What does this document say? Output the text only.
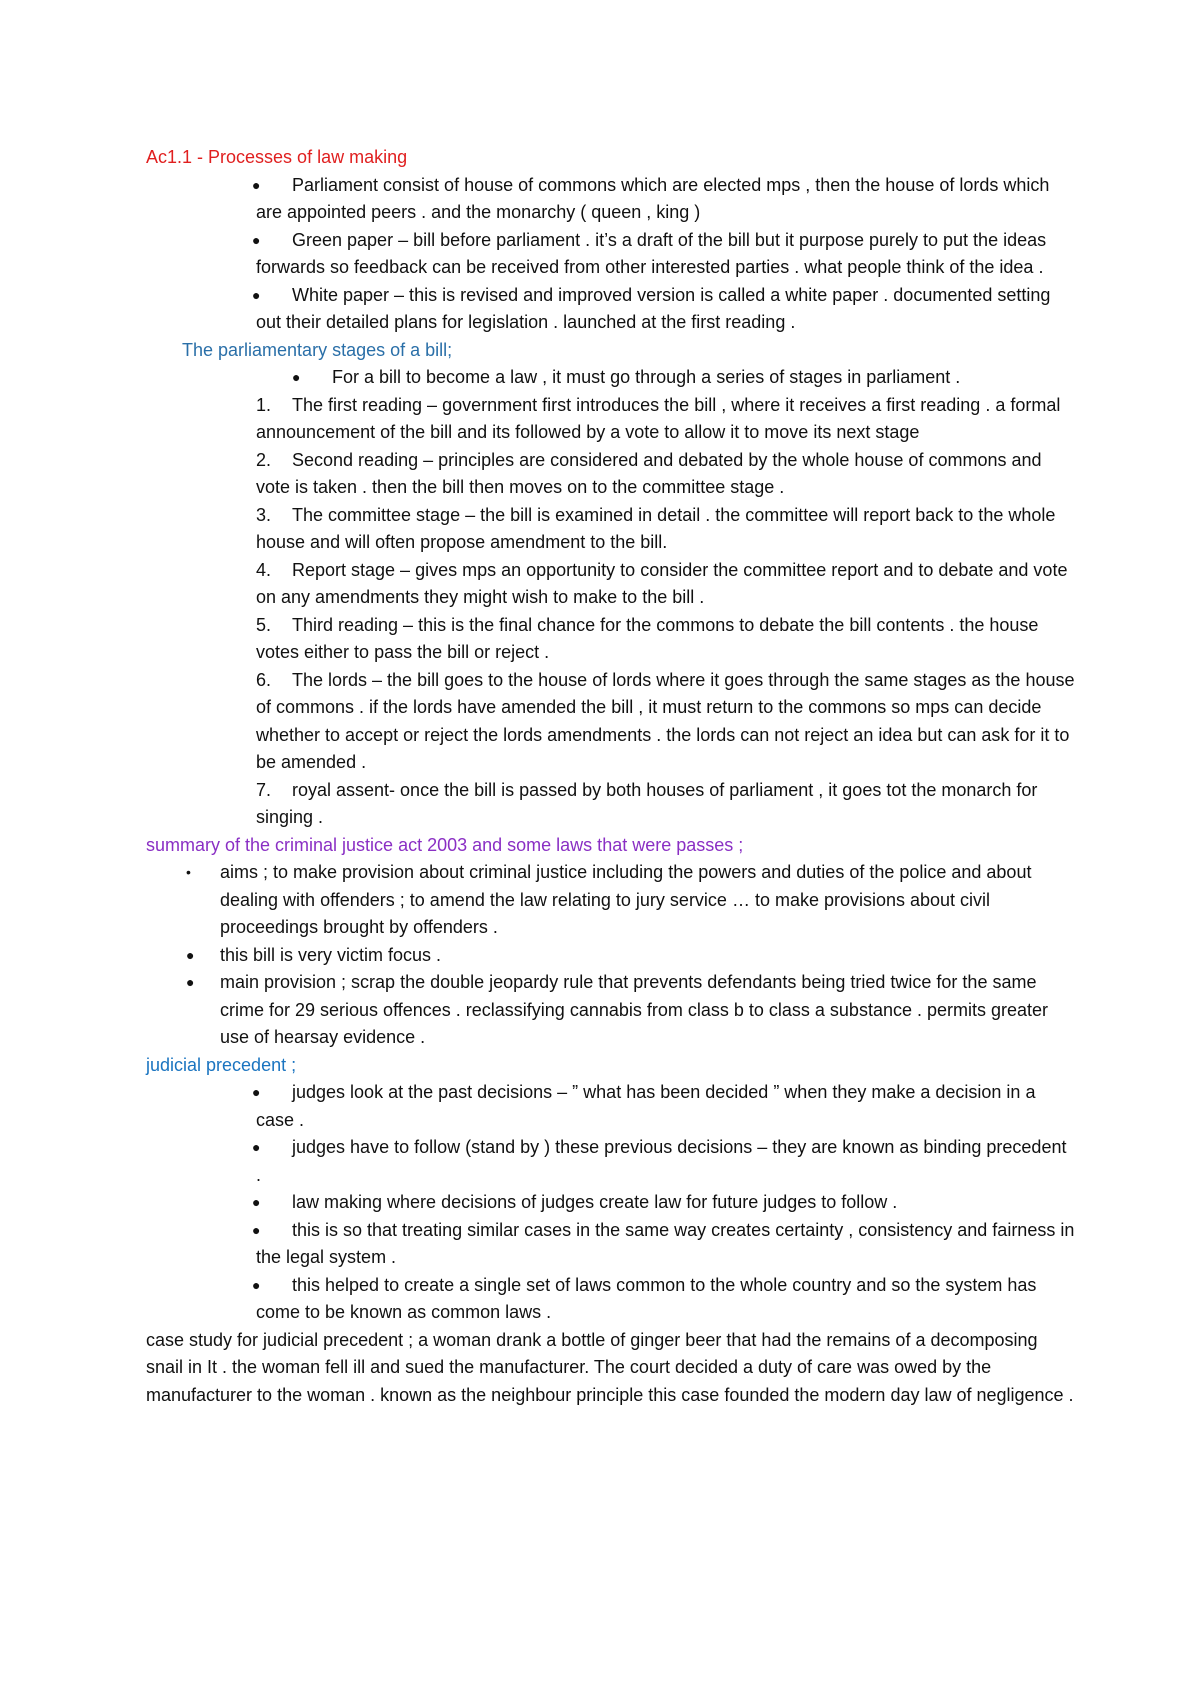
Ac1.1 - Processes of law making

●	Parliament consist of house of commons which are elected mps , then the house of lords which are appointed peers . and the monarchy ( queen , king )
●	Green paper – bill before parliament . it’s a draft of the bill but it purpose purely to put the ideas forwards so feedback can be received from other interested parties . what people think of the idea .
●	White paper – this is revised and improved version is called a white paper . documented setting out their detailed plans for legislation . launched at the first reading .

The parliamentary stages of a bill;

●	For a bill to become a law , it must go through a series of stages in parliament .
1.	The first reading – government first introduces the bill , where it receives a first reading . a formal announcement of the bill and its followed by a vote to allow it to move its next stage
2.	Second reading – principles are considered and debated by the whole house of commons and vote is taken . then the bill then moves on to the committee stage .
3.	The committee stage – the bill is examined in detail . the committee will report back to the whole house and will often propose amendment to the bill.
4.	Report stage – gives mps an opportunity to consider the committee report and to debate and vote on any amendments they might wish to make to the bill .
5.	Third reading – this is the final chance for the commons to debate the bill contents . the house votes either to pass the bill or reject .
6.	The lords – the bill goes to the house of lords where it goes through the same stages as the house of commons . if the lords have amended the bill , it must return to the commons so mps can decide whether to accept or reject the lords amendments . the lords can not reject an idea but can ask for it to be amended .
7.	royal assent- once the bill is passed by both houses of parliament , it goes tot the monarch for singing .

summary of the criminal justice act 2003 and some laws that were passes ;

• aims ; to make provision about criminal justice including the powers and duties of the police and about dealing with offenders ; to amend the law relating to jury service … to make provisions about civil proceedings brought by offenders .
● this bill is very victim focus .
● main provision ; scrap the double jeopardy rule that prevents defendants being tried twice for the same crime for 29 serious offences . reclassifying cannabis from class b to class a substance . permits greater use of hearsay evidence .

judicial precedent ;

●	judges look at the past decisions – ” what has been decided ” when they make a decision in a case .
●	judges have to follow (stand by ) these previous decisions – they are known as binding precedent .
●	law making where decisions of judges create law for future judges to follow .
●	this is so that treating similar cases in the same way creates certainty , consistency and fairness in the legal system .
●	this helped to create a single set of laws common to the whole country and so the system has come to be known as common laws .

case study for judicial precedent ; a woman drank a bottle of ginger beer that had the remains of a decomposing snail in It . the woman fell ill and sued the manufacturer. The court decided a duty of care was owed by the manufacturer to the woman . known as the neighbour principle this case founded the modern day law of negligence .
